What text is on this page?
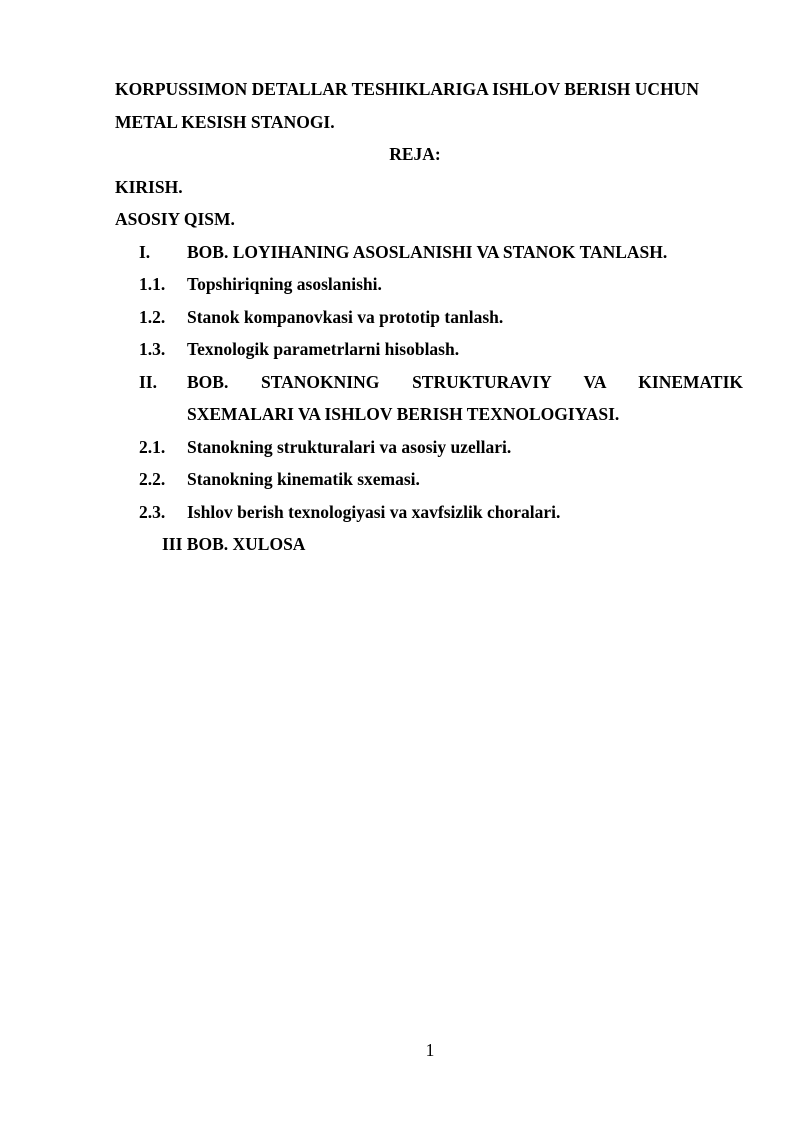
KORPUSSIMON DETALLAR TESHIKLARIGA ISHLOV BERISH UCHUN
METAL KESISH STANOGI.
REJA:
KIRISH.
ASOSIY QISM.
I.	BOB. LOYIHANING ASOSLANISHI VA STANOK TANLASH.
1.1.	Topshiriqning asoslanishi.
1.2.	Stanok kompanovkasi va prototip tanlash.
1.3.	Texnologik parametrlarni hisoblash.
II.	BOB. STANOKNING STRUKTURAVIY VA KINEMATIK
SXEMALARI VA ISHLOV BERISH TEXNOLOGIYASI.
2.1.	Stanokning strukturalari va asosiy uzellari.
2.2.	Stanokning kinematik sxemasi.
2.3.	Ishlov berish texnologiyasi va xavfsizlik choralari.
III BOB. XULOSA
1
